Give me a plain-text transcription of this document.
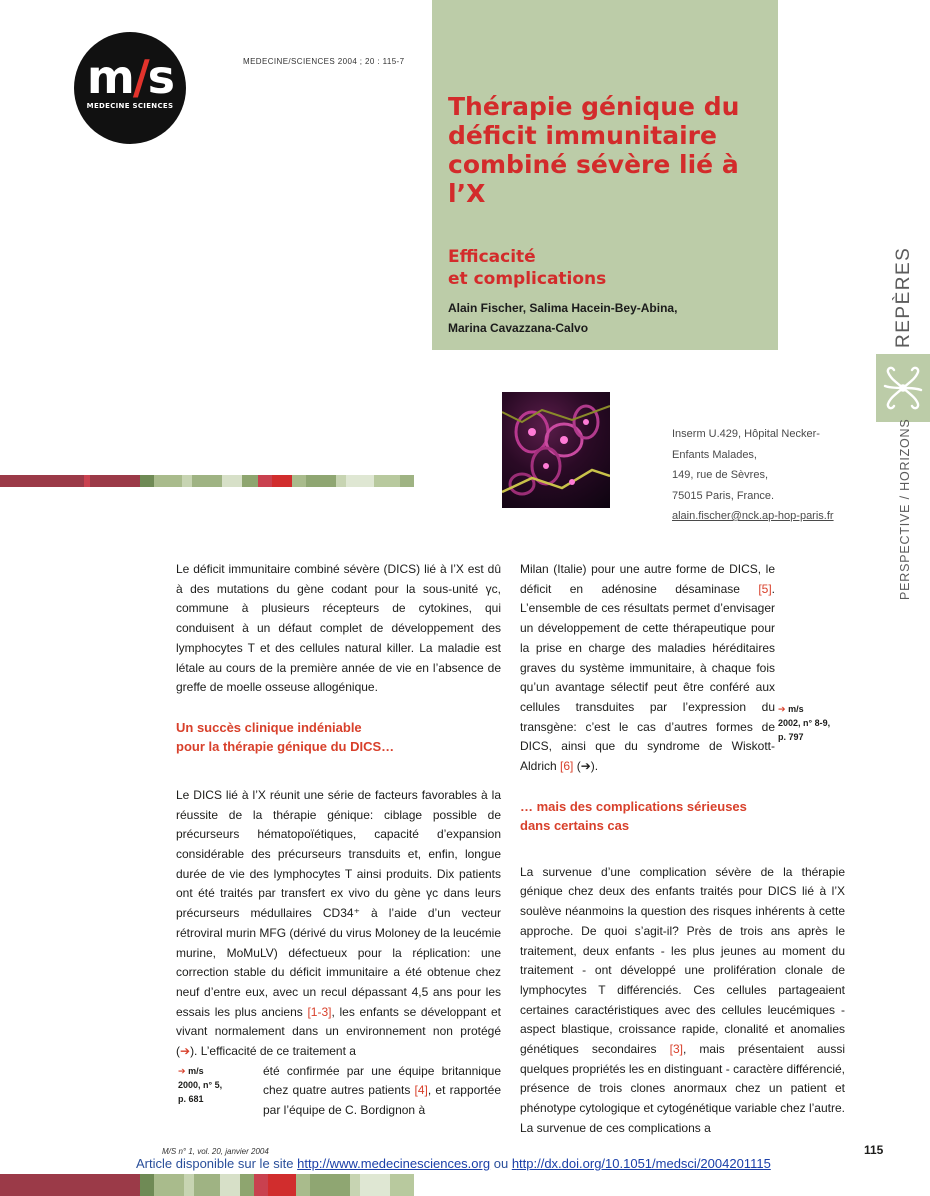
m/s
MEDECINE SCIENCES
MEDECINE/SCIENCES 2004 ; 20 : 115-7
Thérapie génique du déficit immunitaire combiné sévère lié à l’X
Efficacité
et complications
Alain Fischer, Salima Hacein-Bey-Abina,
Marina Cavazzana-Calvo	REPÈRES
PERSPECTIVE / HORIZONS
Inserm U.429, Hôpital Necker-
Enfants Malades,
149, rue de Sèvres,
75015 Paris, France.
alain.fischer@nck.ap-hop-paris.fr

Le déficit immunitaire combiné sévère (DICS) lié à l’X est dû à des mutations du gène codant pour la sous-unité γc, commune à plusieurs récepteurs de cytokines, qui conduisent à un défaut complet de développement des lymphocytes T et des cellules natural killer. La maladie est létale au cours de la première année de vie en l’absence de greffe de moelle osseuse allogénique.

Un succès clinique indéniable
pour la thérapie génique du DICS…

Le DICS lié à l’X réunit une série de facteurs favorables à la réussite de la thérapie génique: ciblage possible de précurseurs hématopoïétiques, capacité d’expansion considérable des précurseurs transduits et, enfin, longue durée de vie des lymphocytes T ainsi produits. Dix patients ont été traités par transfert ex vivo du gène γc dans leurs précurseurs médullaires CD34⁺ à l’aide d’un vecteur rétroviral murin MFG (dérivé du virus Moloney de la leucémie murine, MoMuLV) défectueux pour la réplication: une correction stable du déficit immunitaire a été obtenue chez neuf d’entre eux, avec un recul dépassant 4,5 ans pour les essais les plus anciens [1-3], les enfants se développant et vivant normalement dans un environnement non protégé (➔). L’efficacité de ce traitement a

été confirmée par une équipe britannique chez quatre autres patients [4], et rapportée par l’équipe de C. Bordignon à

➔ m/s
2000, n° 5,
p. 681

Milan (Italie) pour une autre forme de DICS, le déficit en adénosine désaminase [5]. L’ensemble de ces résultats permet d’envisager un développement de cette thérapeutique pour la prise en charge des maladies héréditaires graves du système immunitaire, à chaque fois qu’un avantage sélectif peut être conféré aux cellules transduites par l’expression du transgène: c’est le cas d’autres formes de DICS, ainsi que du syndrome de Wiskott-Aldrich [6] (➔).

… mais des complications sérieuses
dans certains cas

La survenue d’une complication sévère de la thérapie génique chez deux des enfants traités pour DICS lié à l’X soulève néanmoins la question des risques inhérents à cette approche. De quoi s’agit-il? Près de trois ans après le traitement, deux enfants - les plus jeunes au moment du traitement - ont développé une prolifération clonale de lymphocytes T différenciés. Ces cellules partageaient certaines caractéristiques avec des cellules leucémiques - aspect blastique, croissance rapide, clonalité et anomalies génétiques secondaires [3], mais présentaient aussi quelques propriétés les en distinguant - caractère différencié, présence de trois clones anormaux chez un patient et phénotype cytologique et cytogénétique variable chez l’autre. La survenue de ces complications a

➔ m/s
2002, n° 8-9,
p. 797
M/S n° 1, vol. 20, janvier 2004	115
Article disponible sur le site http://www.medecinesciences.org ou http://dx.doi.org/10.1051/medsci/2004201115
